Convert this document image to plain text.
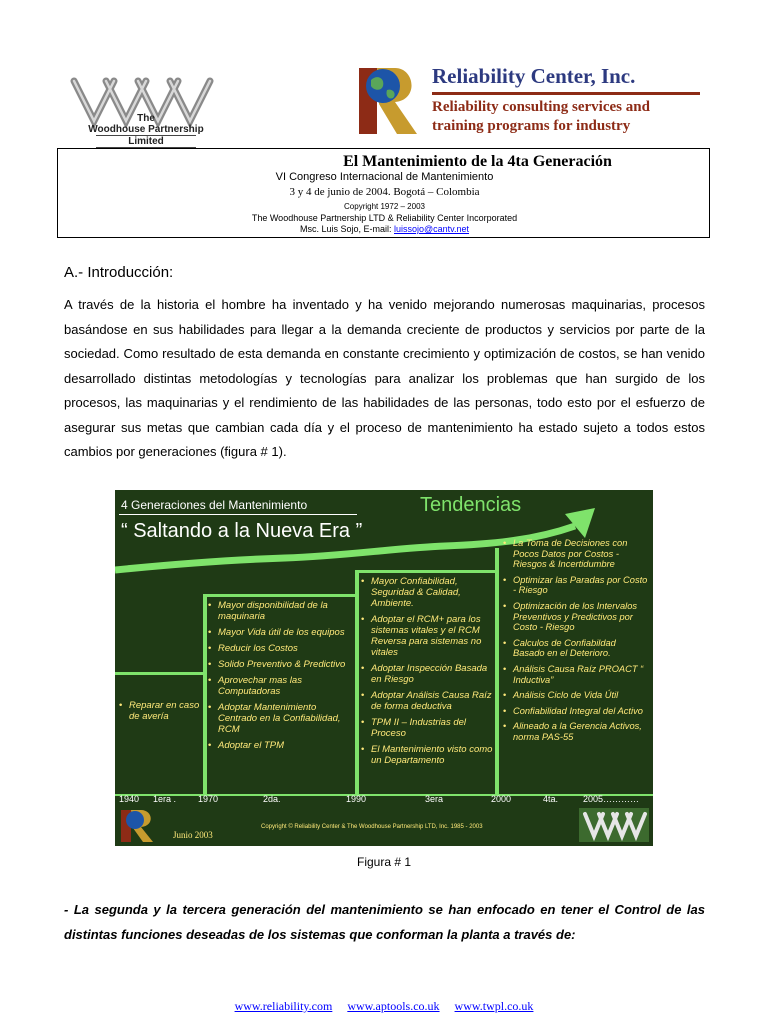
The
Woodhouse Partnership
Limited
Reliability Center, Inc.
Reliability consulting services and
training programs for industry
El Mantenimiento de la 4ta Generación
VI Congreso Internacional de Mantenimiento
3 y 4 de junio de 2004. Bogotá – Colombia
Copyright 1972 – 2003
The Woodhouse Partnership LTD & Reliability Center Incorporated
Msc. Luis Sojo, E-mail: luissojo@cantv.net
A.- Introducción:
A través de la historia el hombre ha inventado y ha venido mejorando numerosas maquinarias, procesos basándose en sus habilidades para llegar a la demanda creciente de productos y servicios por parte de la sociedad. Como resultado de esta demanda en constante crecimiento y optimización de costos, se han venido desarrollado distintas metodologías y tecnologías para analizar los problemas que han surgido de los procesos, las maquinarias y el rendimiento de las habilidades de las personas, todo esto por el esfuerzo de asegurar sus metas que cambian cada día y el proceso de mantenimiento ha estado sujeto a todos estos cambios por generaciones (figura # 1).
4 Generaciones del Mantenimiento	Tendencias
“ Saltando a la Nueva Era ”
• Reparar en caso de avería
• Mayor disponibilidad de la maquinaria
• Mayor Vida útil de los equipos
• Reducir los Costos
• Solido Preventivo & Predictivo
• Aprovechar mas las Computadoras
• Adoptar Mantenimiento Centrado en la Confiabilidad, RCM
• Adoptar el TPM
• Mayor Confiabilidad, Seguridad & Calidad, Ambiente.
• Adoptar el RCM+ para los sistemas vitales y el RCM Reversa para sistemas no vitales
• Adoptar Inspección Basada en Riesgo
• Adoptar Análisis Causa Raíz de forma deductiva
• TPM II – Industrias del Proceso
• El Mantenimiento visto como un Departamento
• La Toma de Decisiones con Pocos Datos por Costos - Riesgos & Incertidumbre
• Optimizar las Paradas por Costo - Riesgo
• Optimización de los Intervalos Preventivos y Predictivos por Costo - Riesgo
• Calculos de Confiabildad Basado en el Deterioro.
• Análisis Causa Raíz PROACT “ Inductiva”
• Análisis Ciclo de Vida Útil
• Confiabilidad Integral del Activo
• Alineado a la Gerencia Activos, norma PAS-55
1940 1era . 1970	2da.	1990	3era	2000	4ta.	2005…………
Junio 2003
Copyright © Reliability Center & The Woodhouse Partnership LTD, Inc. 1985 - 2003
Figura # 1
- La segunda y la tercera generación del mantenimiento se han enfocado en tener el Control de las distintas funciones deseadas de los sistemas que conforman la planta a través de:
www.reliability.com www.aptools.co.uk www.twpl.co.uk
